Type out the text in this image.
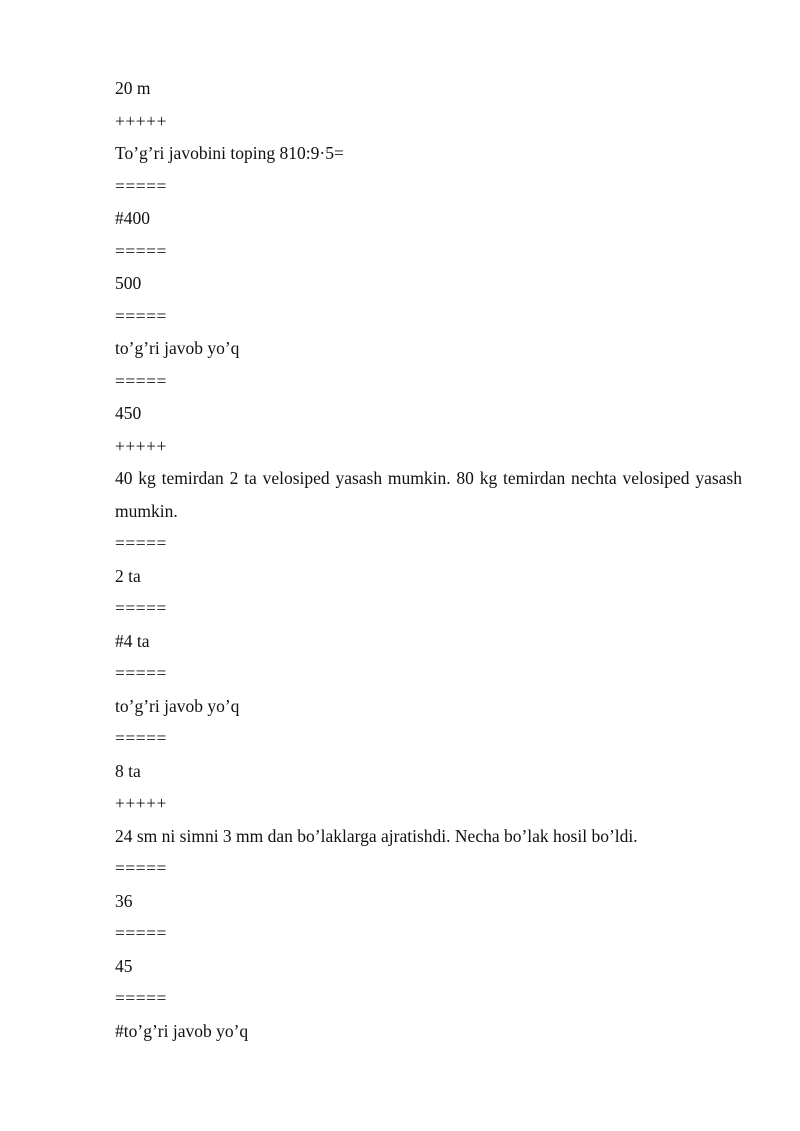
20 m

+++++

To’g’ri javobini toping 810:9·5=

=====

#400

=====

500

=====

to’g’ri javob yo’q

=====

450

+++++

40 kg temirdan 2 ta velosiped yasash mumkin. 80 kg temirdan nechta velosiped yasash mumkin.

=====

2 ta

=====

#4 ta

=====

to’g’ri javob yo’q

=====

8 ta

+++++

24 sm ni simni 3 mm dan bo’laklarga ajratishdi. Necha bo’lak hosil bo’ldi.

=====

36

=====

45

=====

#to’g’ri javob yo’q
